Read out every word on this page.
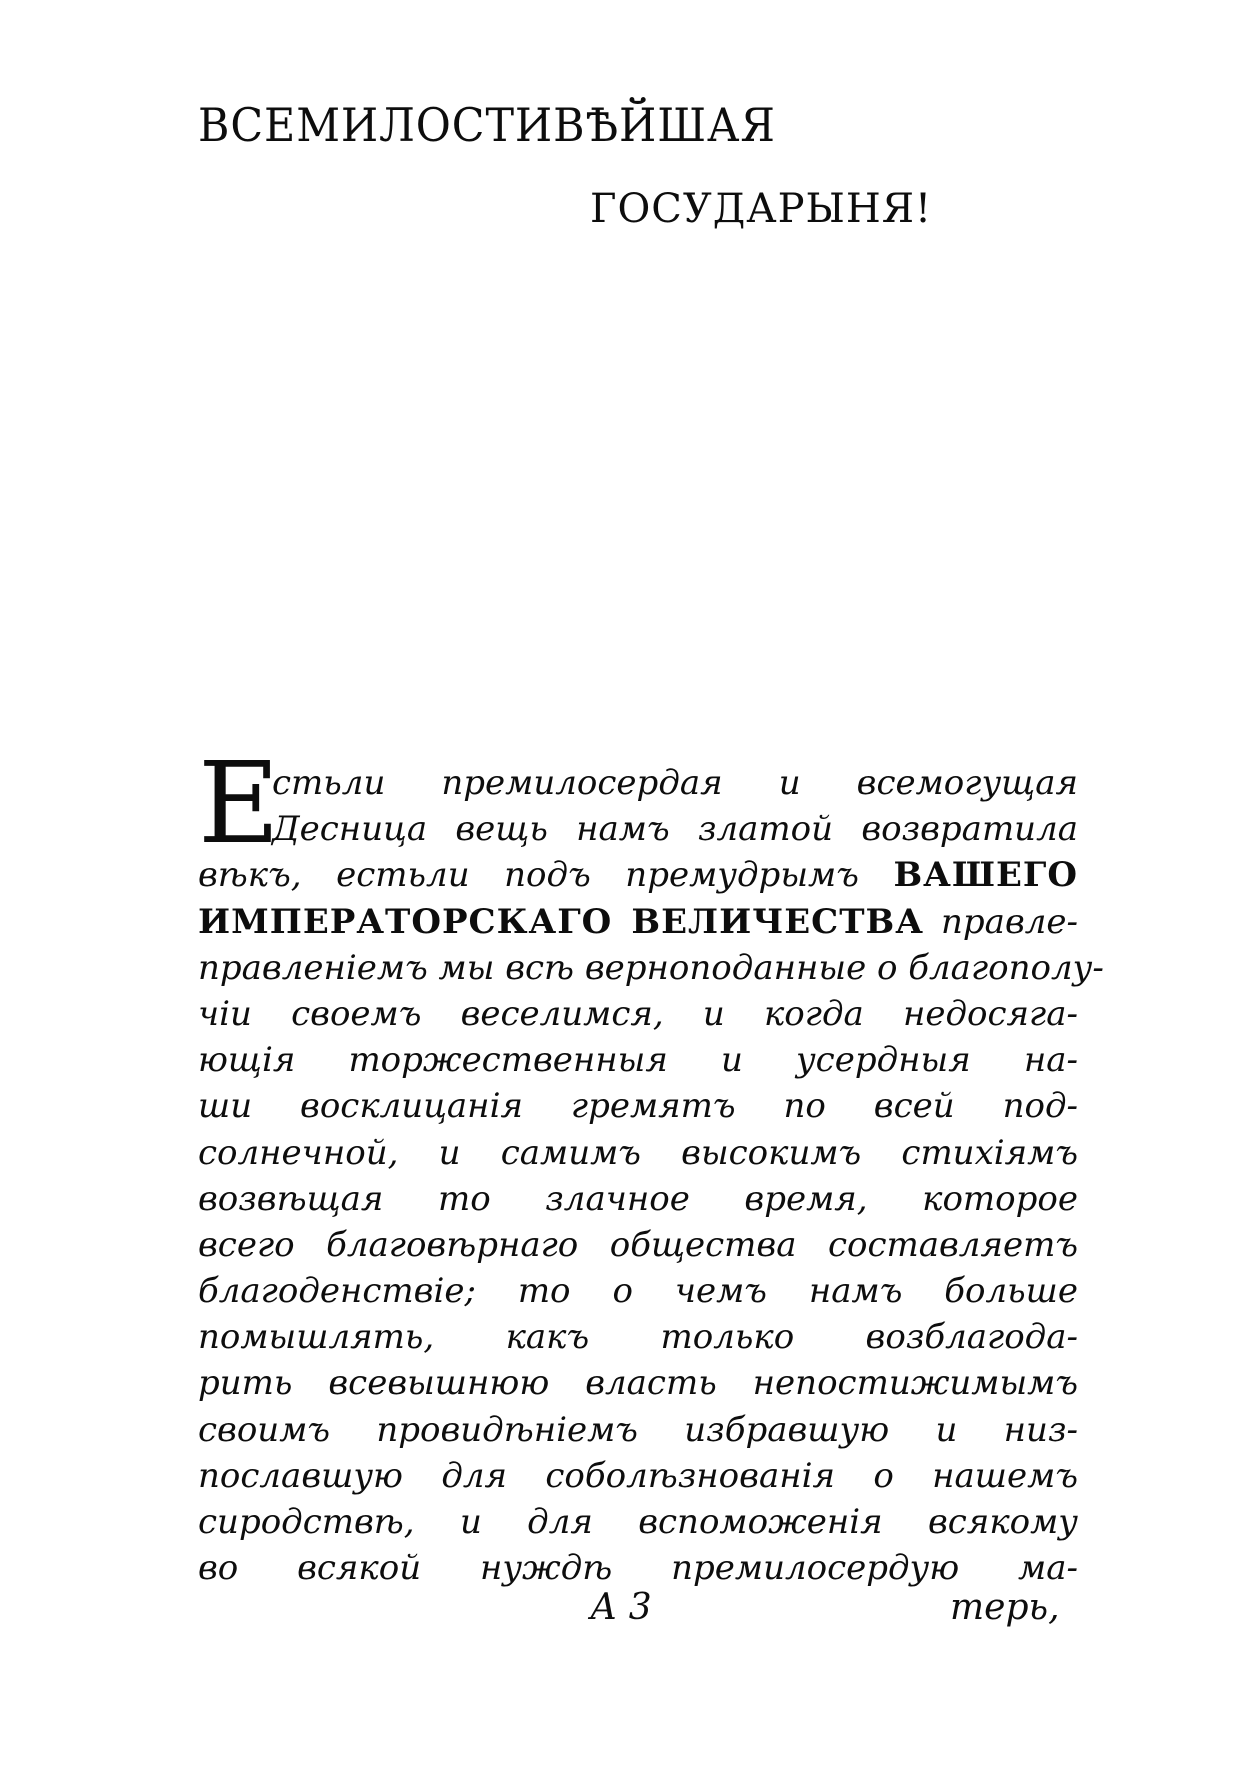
ВСЕМИЛОСТИВѢЙШАЯ
ГОСУДАРЫНЯ!
Е
стьли премилосердая и всемогущая
Десница вещь намъ златой возвратила
вѣкъ, естьли подъ премудрымъ ВАШЕГО
ИМПЕРАТОРСКАГО ВЕЛИЧЕСТВА правле-
правленіемъ мы всѣ верноподанные о благополу-
чіи своемъ веселимся, и когда недосяга-
ющія торжественныя и усердныя на-
ши восклицанія гремятъ по всей под-
солнечной, и самимъ высокимъ стихіямъ
возвѣщая то злачное время, которое
всего благовѣрнаго общества составляетъ
благоденствіе; то о чемъ намъ больше
помышлять, какъ только возблагода-
рить всевышнюю власть непостижимымъ
своимъ провидѣніемъ избравшую и низ-
пославшую для соболѣзнованія о нашемъ
сиродствѣ, и для вспоможенія всякому
во всякой нуждѣ премилосердую ма-
А 3	терь,
